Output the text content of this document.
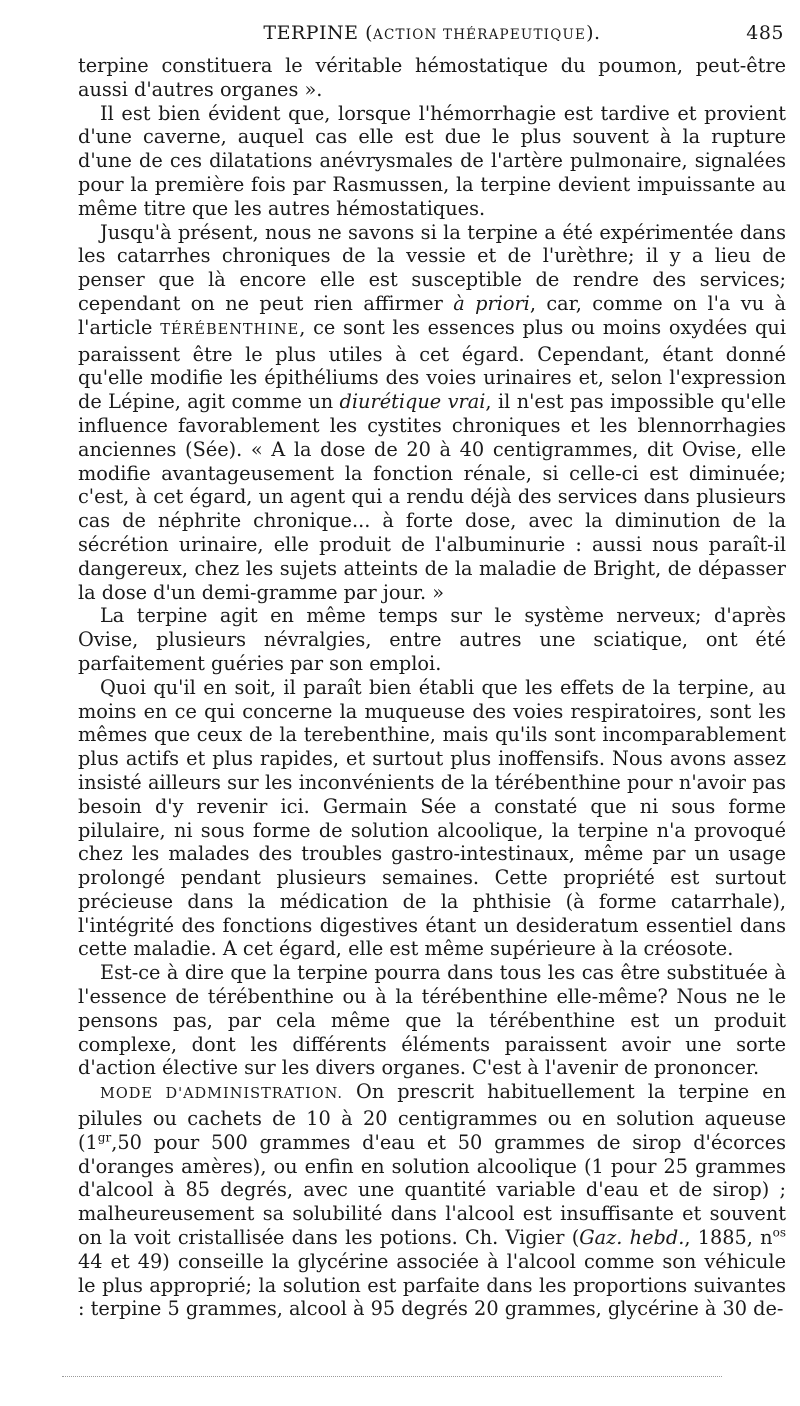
TERPINE (ACTION THÉRAPEUTIQUE).	485

terpine constituera le véritable hémostatique du poumon, peut-être aussi d'autres organes ».

Il est bien évident que, lorsque l'hémorrhagie est tardive et provient d'une caverne, auquel cas elle est due le plus souvent à la rupture d'une de ces dilatations anévrysmales de l'artère pulmonaire, signalées pour la première fois par Rasmussen, la terpine devient impuissante au même titre que les autres hémostatiques.

Jusqu'à présent, nous ne savons si la terpine a été expérimentée dans les catarrhes chroniques de la vessie et de l'urèthre; il y a lieu de penser que là encore elle est susceptible de rendre des services; cependant on ne peut rien affirmer à priori, car, comme on l'a vu à l'article TÉRÉBENTHINE, ce sont les essences plus ou moins oxydées qui paraissent être le plus utiles à cet égard. Cependant, étant donné qu'elle modifie les épithéliums des voies urinaires et, selon l'expression de Lépine, agit comme un diurétique vrai, il n'est pas impossible qu'elle influence favorablement les cystites chroniques et les blennorrhagies anciennes (Sée). « A la dose de 20 à 40 centigrammes, dit Ovise, elle modifie avantageusement la fonction rénale, si celle-ci est diminuée; c'est, à cet égard, un agent qui a rendu déjà des services dans plusieurs cas de néphrite chronique... à forte dose, avec la diminution de la sécrétion urinaire, elle produit de l'albuminurie : aussi nous paraît-il dangereux, chez les sujets atteints de la maladie de Bright, de dépasser la dose d'un demi-gramme par jour. »

La terpine agit en même temps sur le système nerveux; d'après Ovise, plusieurs névralgies, entre autres une sciatique, ont été parfaitement guéries par son emploi.

Quoi qu'il en soit, il paraît bien établi que les effets de la terpine, au moins en ce qui concerne la muqueuse des voies respiratoires, sont les mêmes que ceux de la terebenthine, mais qu'ils sont incomparablement plus actifs et plus rapides, et surtout plus inoffensifs. Nous avons assez insisté ailleurs sur les inconvénients de la térébenthine pour n'avoir pas besoin d'y revenir ici. Germain Sée a constaté que ni sous forme pilulaire, ni sous forme de solution alcoolique, la terpine n'a provoqué chez les malades des troubles gastro-intestinaux, même par un usage prolongé pendant plusieurs semaines. Cette propriété est surtout précieuse dans la médication de la phthisie (à forme catarrhale), l'intégrité des fonctions digestives étant un desideratum essentiel dans cette maladie. A cet égard, elle est même supérieure à la créosote.

Est-ce à dire que la terpine pourra dans tous les cas être substituée à l'essence de térébenthine ou à la térébenthine elle-même? Nous ne le pensons pas, par cela même que la térébenthine est un produit complexe, dont les différents éléments paraissent avoir une sorte d'action élective sur les divers organes. C'est à l'avenir de prononcer.

MODE D'ADMINISTRATION. On prescrit habituellement la terpine en pilules ou cachets de 10 à 20 centigrammes ou en solution aqueuse ($1^{gr},50$ pour 500 grammes d'eau et 50 grammes de sirop d'écorces d'oranges amères), ou enfin en solution alcoolique (1 pour 25 grammes d'alcool à 85 degrés, avec une quantité variable d'eau et de sirop) ; malheureusement sa solubilité dans l'alcool est insuffisante et souvent on la voit cristallisée dans les potions. Ch. Vigier (Gaz. hebd., 1885, $n^{os}$ 44 et 49) conseille la glycérine associée à l'alcool comme son véhicule le plus approprié; la solution est parfaite dans les proportions suivantes : terpine 5 grammes, alcool à 95 degrés 20 grammes, glycérine à 30 de-
